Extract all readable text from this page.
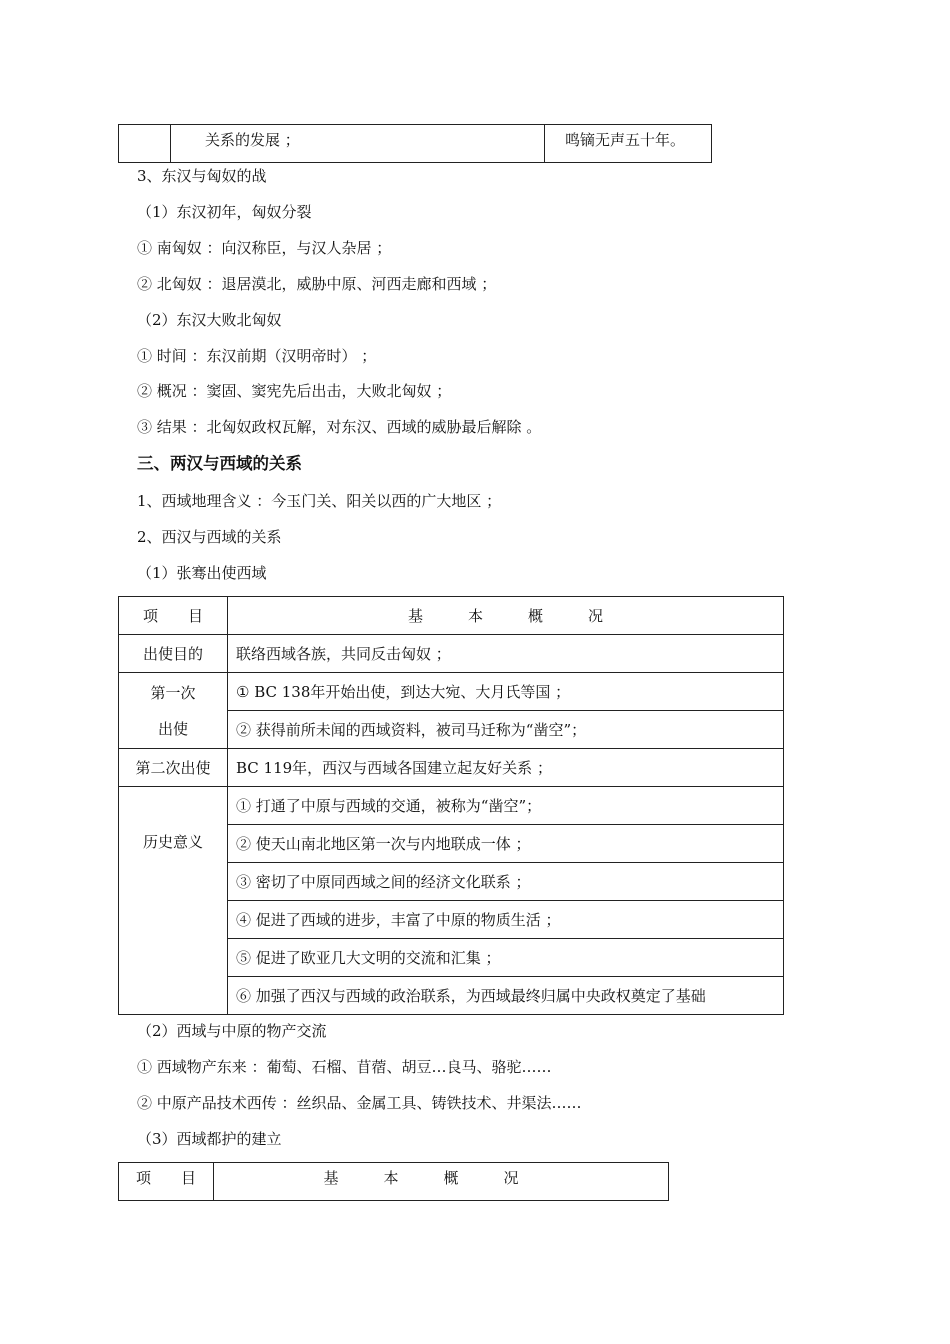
	关系的发展 ；	鸣镝无声五十年。
3、东汉与匈奴的战
（1）东汉初年，匈奴分裂
① 南匈奴 ：向汉称臣，与汉人杂居 ；
② 北匈奴 ：退居漠北，威胁中原、河西走廊和西域 ；
（2）东汉大败北匈奴
① 时间 ：东汉前期（汉明帝时） ；
② 概况 ：窦固、窦宪先后出击，大败北匈奴 ；
③ 结果 ：北匈奴政权瓦解，对东汉、西域的威胁最后解除 。
三、两汉与西域的关系
1、西域地理含义 ：今玉门关、阳关以西的广大地区 ；
2、西汉与西域的关系
（1）张骞出使西域
项　　目	基　　　本　　　概　　　况
出使目的	联络西域各族，共同反击匈奴 ；

第一次
出使	① BC 138年开始出使，到达大宛、大月氏等国 ；
	② 获得前所未闻的西域资料，被司马迁称为“凿空”；
第二次出使	BC 119年，西汉与西域各国建立起友好关系 ；
历史意义	① 打通了中原与西域的交通，被称为“凿空”；
	② 使天山南北地区第一次与内地联成一体 ；
	③ 密切了中原同西域之间的经济文化联系 ；
	④ 促进了西域的进步，丰富了中原的物质生活 ；
	⑤ 促进了欧亚几大文明的交流和汇集 ；
	⑥ 加强了西汉与西域的政治联系，为西域最终归属中央政权奠定了基础
（2）西域与中原的物产交流
① 西域物产东来 ：葡萄、石榴、苜蓿、胡豆…良马、骆驼……
② 中原产品技术西传 ：丝织品、金属工具、铸铁技术、井渠法……
（3）西域都护的建立
项　　目	基　　　本　　　概　　　况
